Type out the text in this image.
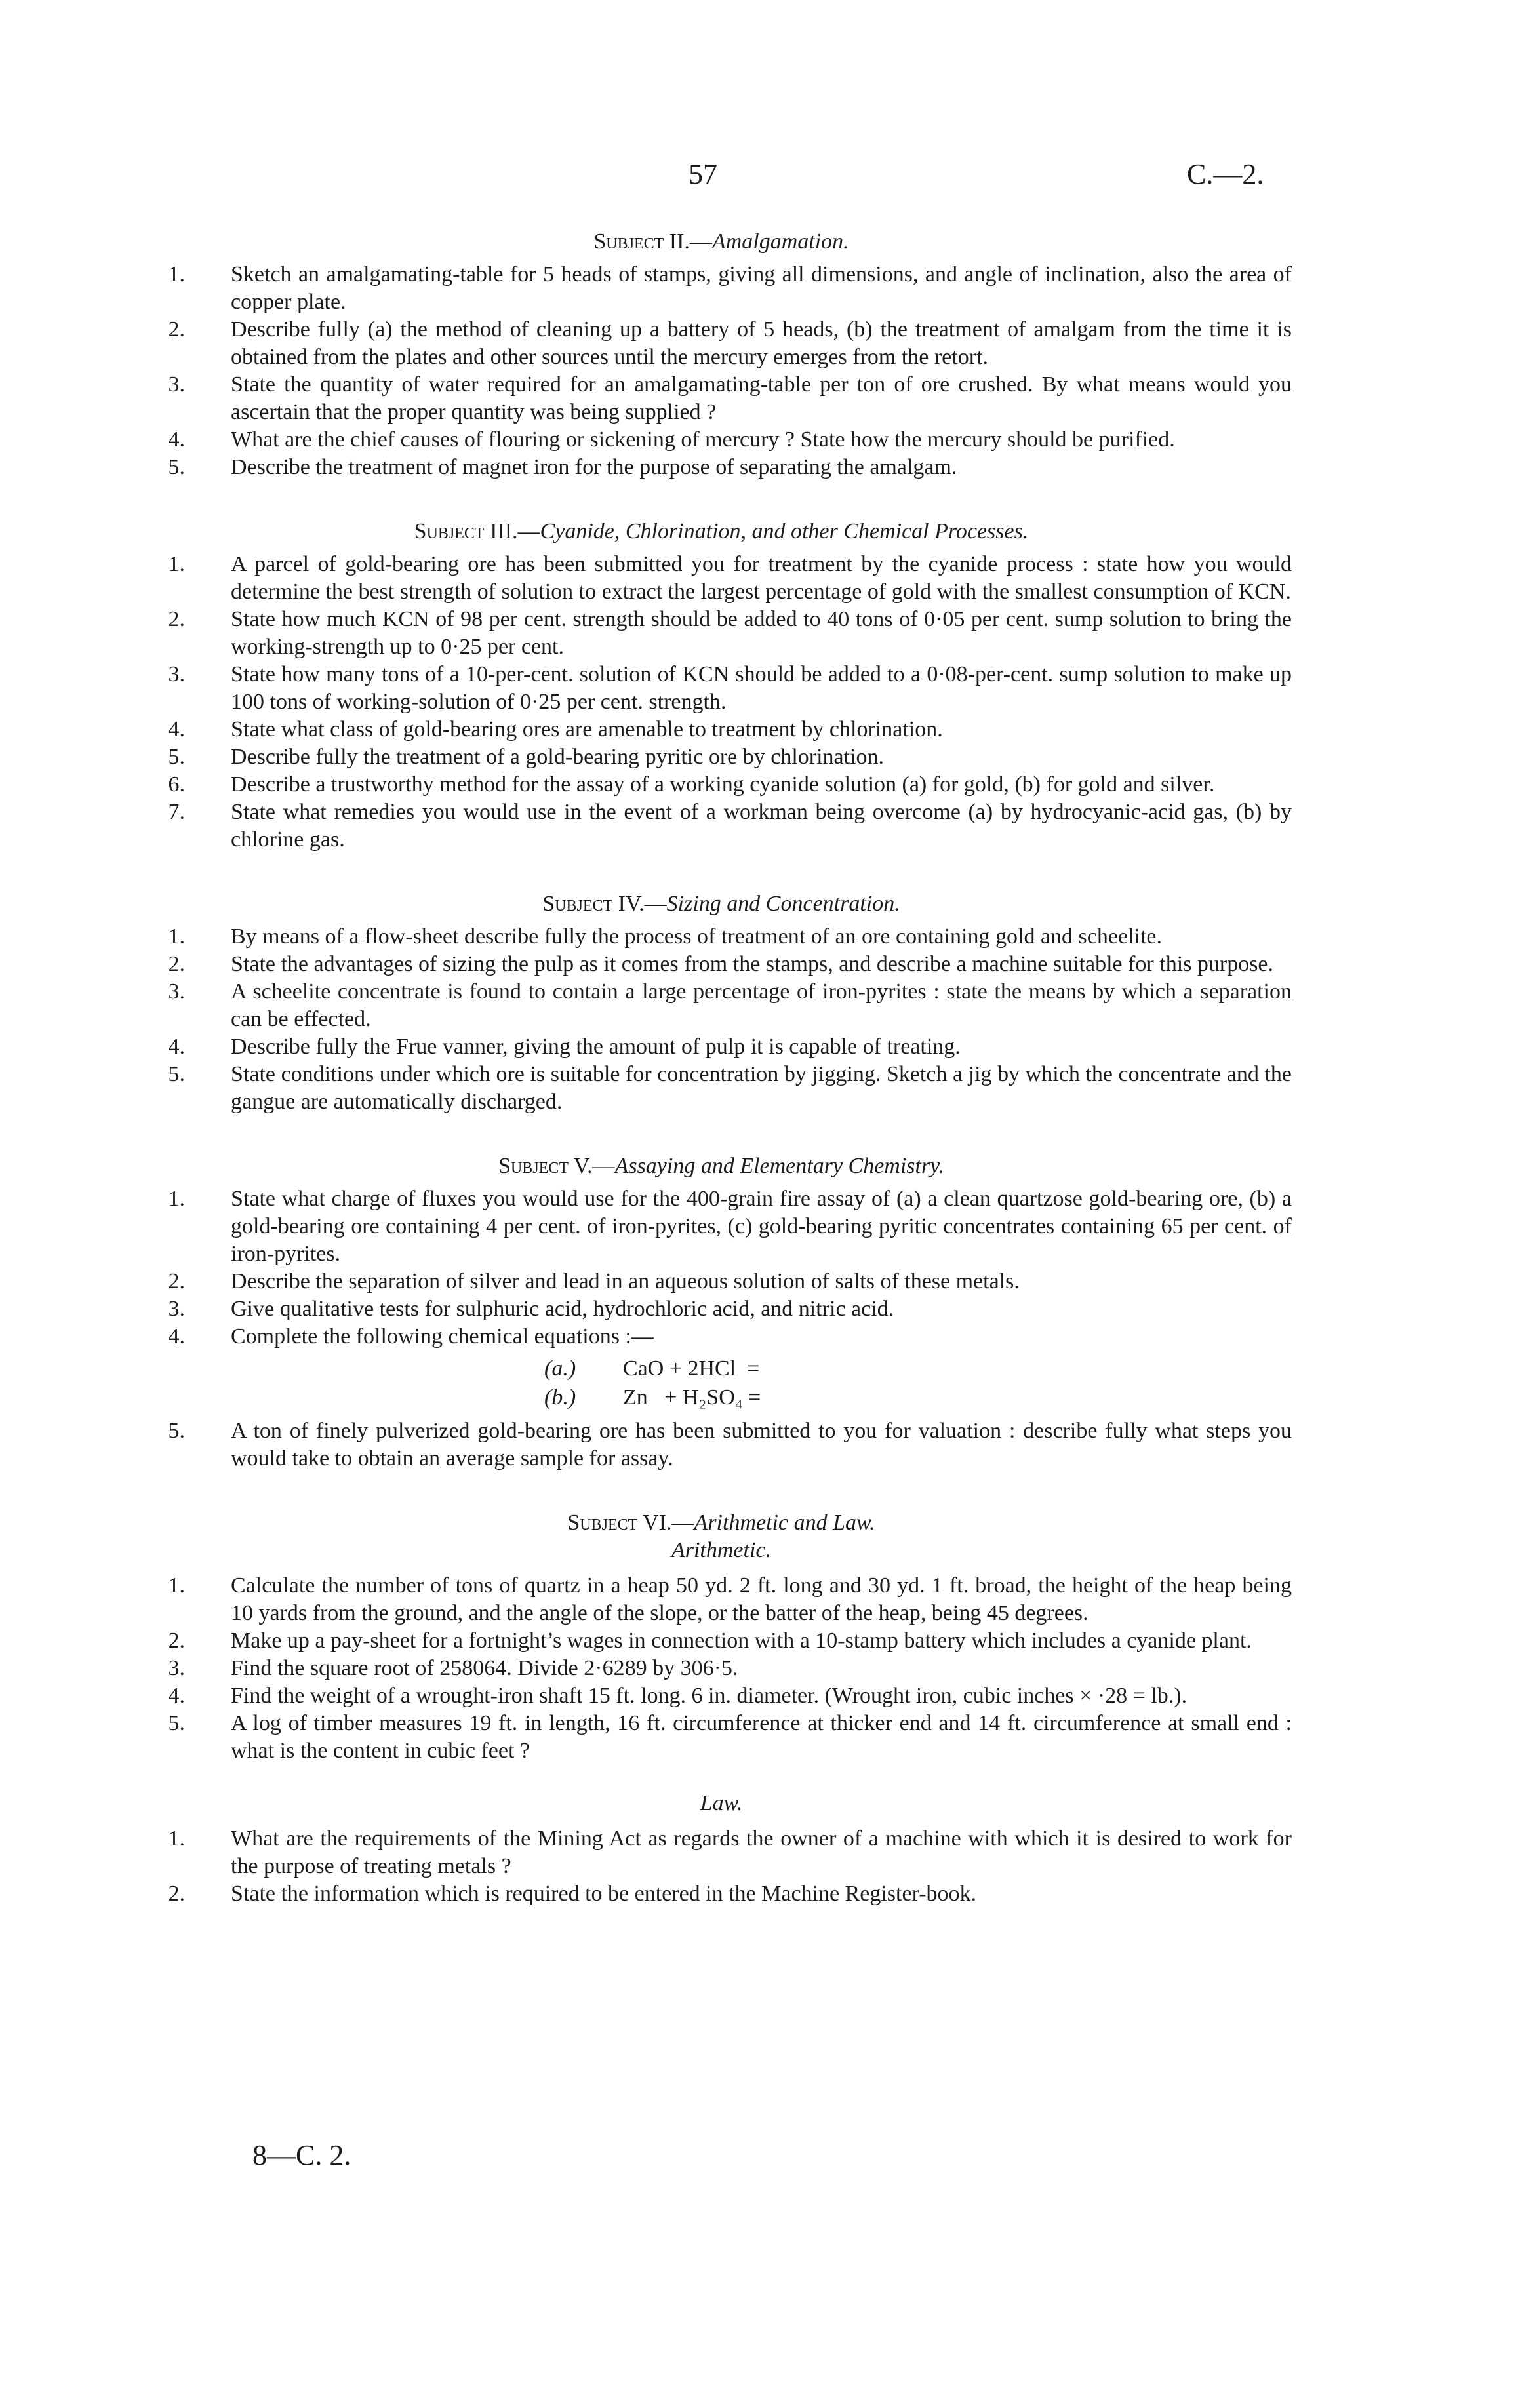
57	C.—2.
Subject II.—Amalgamation.
1. Sketch an amalgamating-table for 5 heads of stamps, giving all dimensions, and angle of inclination, also the area of copper plate.
2. Describe fully (a) the method of cleaning up a battery of 5 heads, (b) the treatment of amalgam from the time it is obtained from the plates and other sources until the mercury emerges from the retort.
3. State the quantity of water required for an amalgamating-table per ton of ore crushed. By what means would you ascertain that the proper quantity was being supplied ?
4. What are the chief causes of flouring or sickening of mercury ? State how the mercury should be purified.
5. Describe the treatment of magnet iron for the purpose of separating the amalgam.
Subject III.—Cyanide, Chlorination, and other Chemical Processes.
1. A parcel of gold-bearing ore has been submitted you for treatment by the cyanide process : state how you would determine the best strength of solution to extract the largest percentage of gold with the smallest consumption of KCN.
2. State how much KCN of 98 per cent. strength should be added to 40 tons of 0·05 per cent. sump solution to bring the working-strength up to 0·25 per cent.
3. State how many tons of a 10-per-cent. solution of KCN should be added to a 0·08-per-cent. sump solution to make up 100 tons of working-solution of 0·25 per cent. strength.
4. State what class of gold-bearing ores are amenable to treatment by chlorination.
5. Describe fully the treatment of a gold-bearing pyritic ore by chlorination.
6. Describe a trustworthy method for the assay of a working cyanide solution (a) for gold, (b) for gold and silver.
7. State what remedies you would use in the event of a workman being overcome (a) by hydrocyanic-acid gas, (b) by chlorine gas.
Subject IV.—Sizing and Concentration.
1. By means of a flow-sheet describe fully the process of treatment of an ore containing gold and scheelite.
2. State the advantages of sizing the pulp as it comes from the stamps, and describe a machine suitable for this purpose.
3. A scheelite concentrate is found to contain a large percentage of iron-pyrites : state the means by which a separation can be effected.
4. Describe fully the Frue vanner, giving the amount of pulp it is capable of treating.
5. State conditions under which ore is suitable for concentration by jigging. Sketch a jig by which the concentrate and the gangue are automatically discharged.
Subject V.—Assaying and Elementary Chemistry.
1. State what charge of fluxes you would use for the 400-grain fire assay of (a) a clean quartzose gold-bearing ore, (b) a gold-bearing ore containing 4 per cent. of iron-pyrites, (c) gold-bearing pyritic concentrates containing 65 per cent. of iron-pyrites.
2. Describe the separation of silver and lead in an aqueous solution of salts of these metals.
3. Give qualitative tests for sulphuric acid, hydrochloric acid, and nitric acid.
4. Complete the following chemical equations :—
(a.)	CaO + 2HCl  =
(b.)	Zn   + H₂SO₄ =
5. A ton of finely pulverized gold-bearing ore has been submitted to you for valuation : describe fully what steps you would take to obtain an average sample for assay.
Subject VI.—Arithmetic and Law.
Arithmetic.
1. Calculate the number of tons of quartz in a heap 50 yd. 2 ft. long and 30 yd. 1 ft. broad, the height of the heap being 10 yards from the ground, and the angle of the slope, or the batter of the heap, being 45 degrees.
2. Make up a pay-sheet for a fortnight’s wages in connection with a 10-stamp battery which includes a cyanide plant.
3. Find the square root of 258064. Divide 2·6289 by 306·5.
4. Find the weight of a wrought-iron shaft 15 ft. long. 6 in. diameter. (Wrought iron, cubic inches × ·28 = lb.).
5. A log of timber measures 19 ft. in length, 16 ft. circumference at thicker end and 14 ft. circumference at small end : what is the content in cubic feet ?
Law.
1. What are the requirements of the Mining Act as regards the owner of a machine with which it is desired to work for the purpose of treating metals ?
2. State the information which is required to be entered in the Machine Register-book.
8—C. 2.
